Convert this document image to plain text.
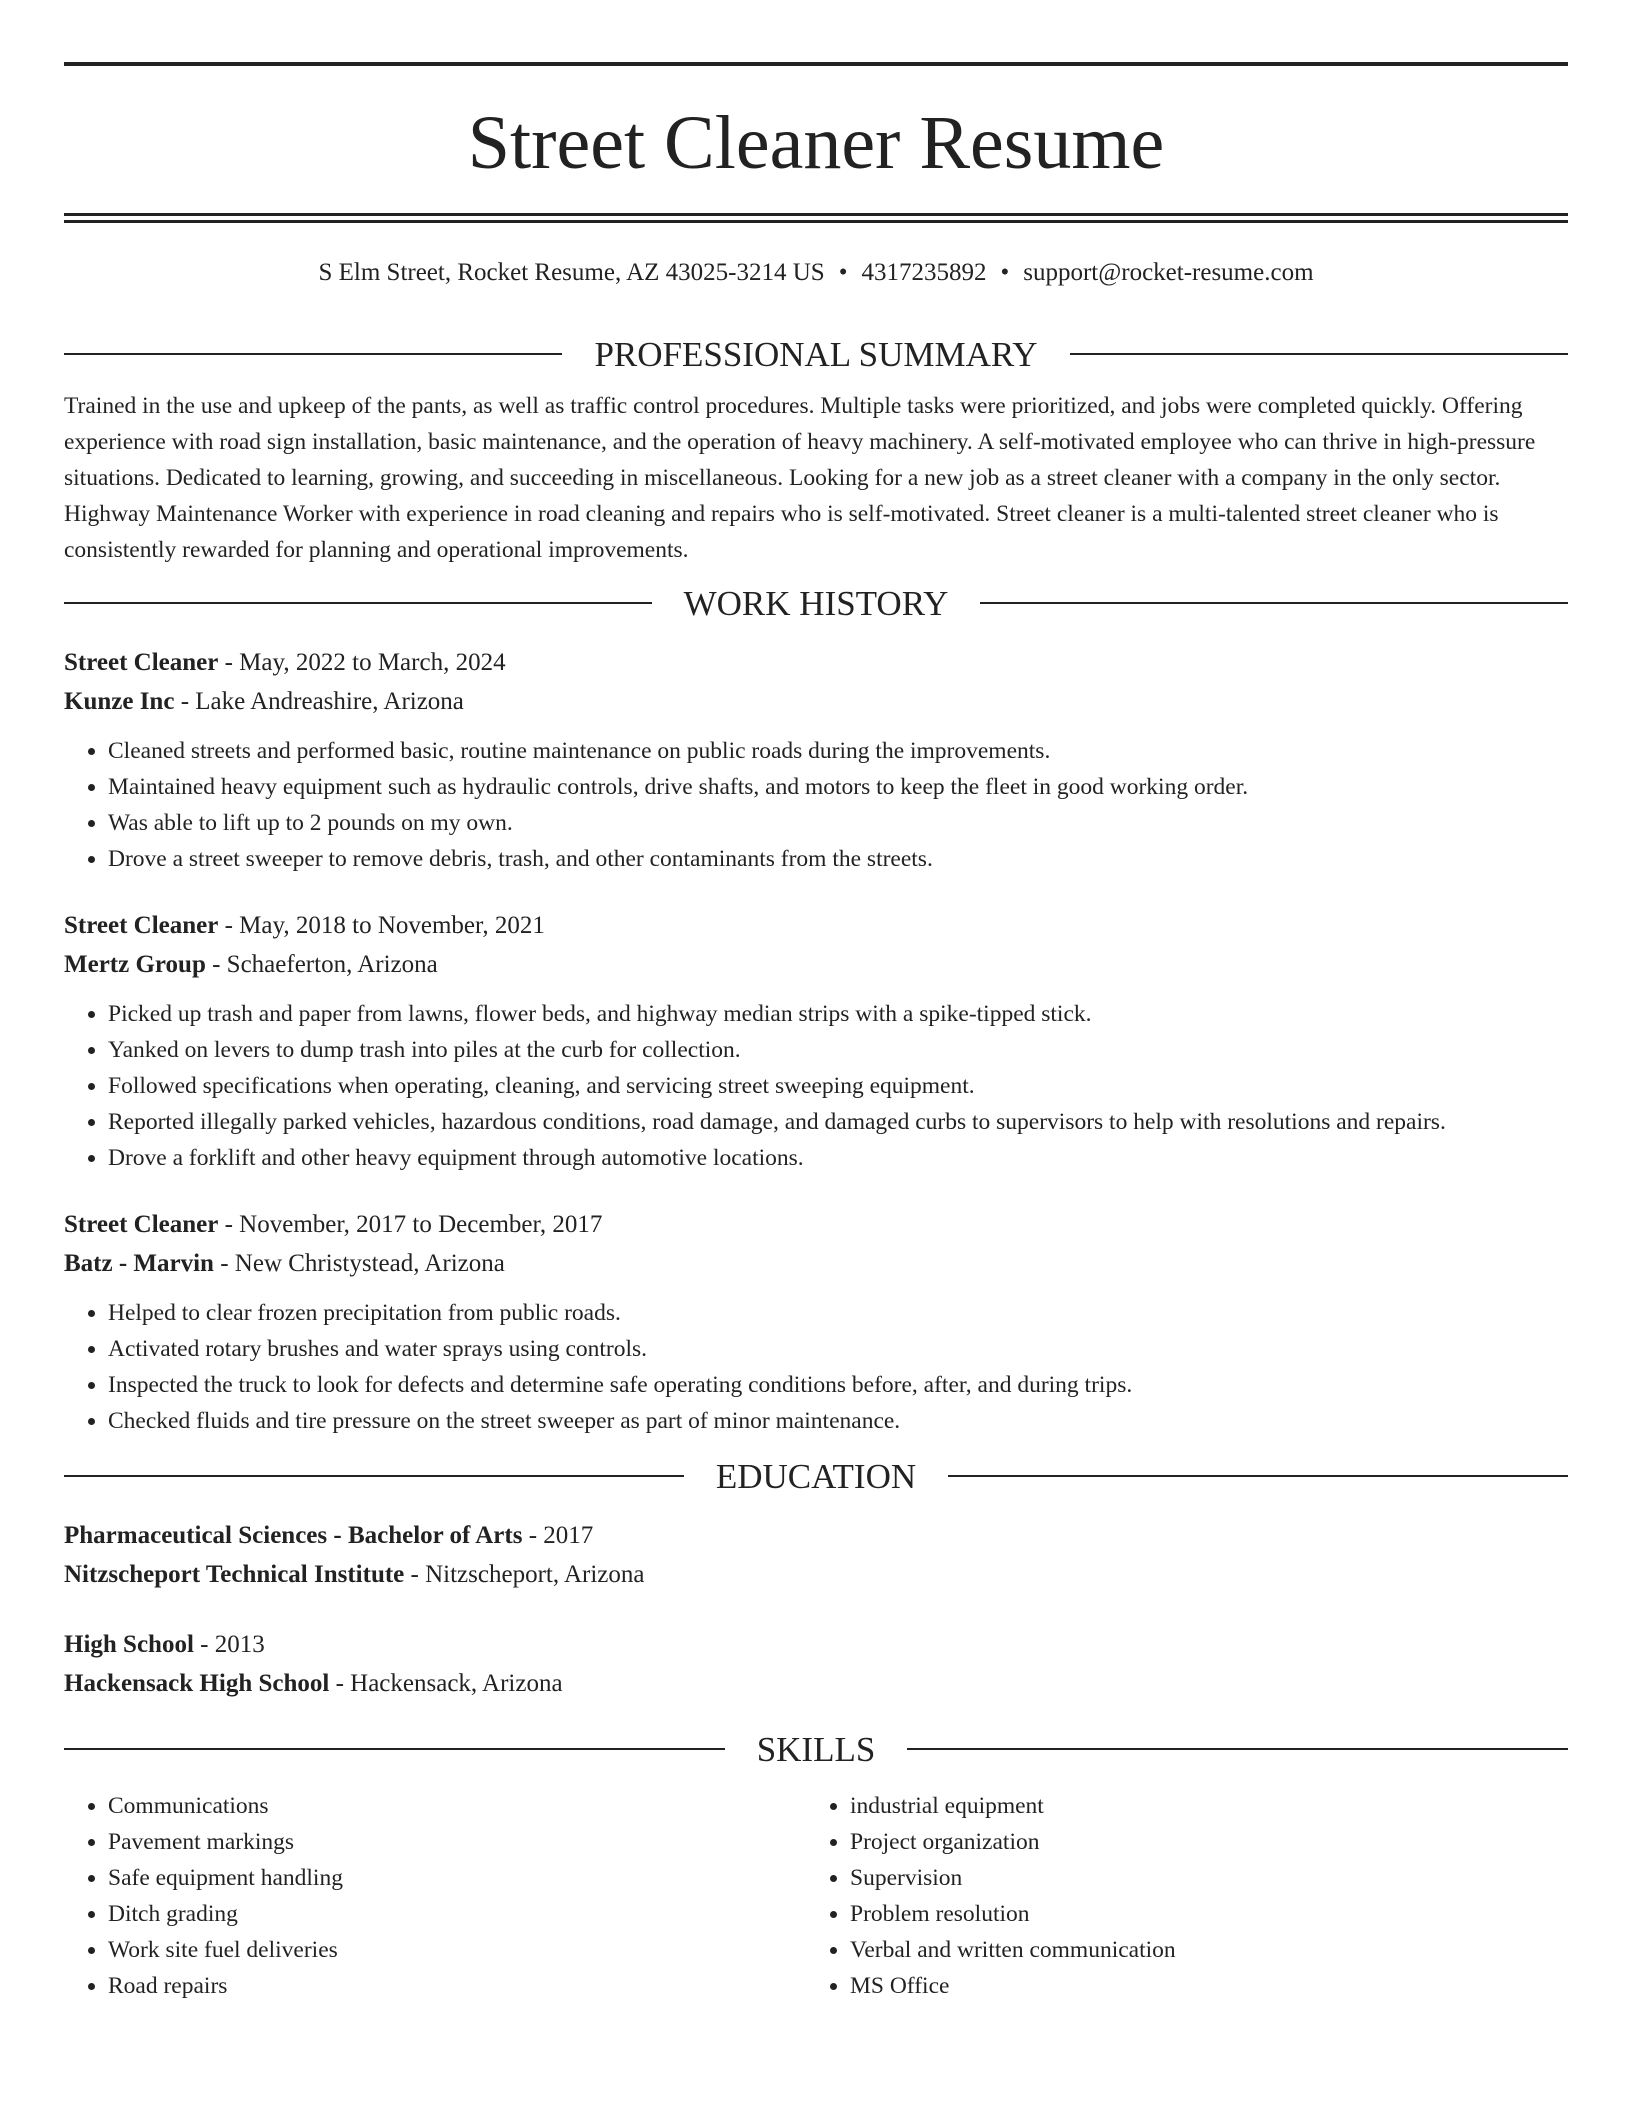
Street Cleaner Resume
S Elm Street, Rocket Resume, AZ 43025-3214 US • 4317235892 • support@rocket-resume.com
PROFESSIONAL SUMMARY

Trained in the use and upkeep of the pants, as well as traffic control procedures. Multiple tasks were prioritized, and jobs were completed quickly. Offering experience with road sign installation, basic maintenance, and the operation of heavy machinery. A self-motivated employee who can thrive in high-pressure situations. Dedicated to learning, growing, and succeeding in miscellaneous. Looking for a new job as a street cleaner with a company in the only sector. Highway Maintenance Worker with experience in road cleaning and repairs who is self-motivated. Street cleaner is a multi-talented street cleaner who is consistently rewarded for planning and operational improvements.

WORK HISTORY
Street Cleaner - May, 2022 to March, 2024
Kunze Inc - Lake Andreashire, Arizona
• Cleaned streets and performed basic, routine maintenance on public roads during the improvements.
• Maintained heavy equipment such as hydraulic controls, drive shafts, and motors to keep the fleet in good working order.
• Was able to lift up to 2 pounds on my own.
• Drove a street sweeper to remove debris, trash, and other contaminants from the streets.
Street Cleaner - May, 2018 to November, 2021
Mertz Group - Schaeferton, Arizona
• Picked up trash and paper from lawns, flower beds, and highway median strips with a spike-tipped stick.
• Yanked on levers to dump trash into piles at the curb for collection.
• Followed specifications when operating, cleaning, and servicing street sweeping equipment.
• Reported illegally parked vehicles, hazardous conditions, road damage, and damaged curbs to supervisors to help with resolutions and repairs.
• Drove a forklift and other heavy equipment through automotive locations.
Street Cleaner - November, 2017 to December, 2017
Batz - Marvin - New Christystead, Arizona
• Helped to clear frozen precipitation from public roads.
• Activated rotary brushes and water sprays using controls.
• Inspected the truck to look for defects and determine safe operating conditions before, after, and during trips.
• Checked fluids and tire pressure on the street sweeper as part of minor maintenance.
EDUCATION
Pharmaceutical Sciences - Bachelor of Arts - 2017
Nitzscheport Technical Institute - Nitzscheport, Arizona
High School - 2013
Hackensack High School - Hackensack, Arizona
SKILLS
• Communications
• Pavement markings
• Safe equipment handling
• Ditch grading
• Work site fuel deliveries
• Road repairs
• industrial equipment
• Project organization
• Supervision
• Problem resolution
• Verbal and written communication
• MS Office
